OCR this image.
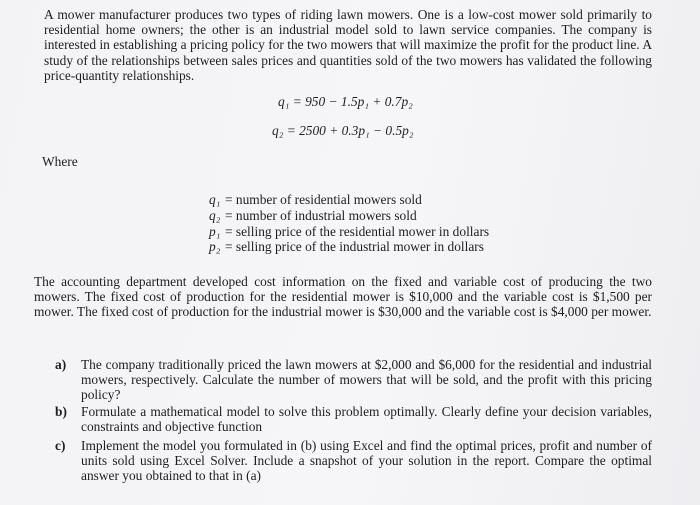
A mower manufacturer produces two types of riding lawn mowers. One is a low-cost mower sold primarily to residential home owners; the other is an industrial model sold to lawn service companies. The company is interested in establishing a pricing policy for the two mowers that will maximize the profit for the product line. A study of the relationships between sales prices and quantities sold of the two mowers has validated the following price-quantity relationships.

q₁ = 950 − 1.5p₁ + 0.7p₂
q₂ = 2500 + 0.3p₁ − 0.5p₂

Where

q₁ = number of residential mowers sold
q₂ = number of industrial mowers sold
p₁ = selling price of the residential mower in dollars
p₂ = selling price of the industrial mower in dollars

The accounting department developed cost information on the fixed and variable cost of producing the two mowers. The fixed cost of production for the residential mower is $10,000 and the variable cost is $1,500 per mower. The fixed cost of production for the industrial mower is $30,000 and the variable cost is $4,000 per mower.

a) The company traditionally priced the lawn mowers at $2,000 and $6,000 for the residential and industrial mowers, respectively. Calculate the number of mowers that will be sold, and the profit with this pricing policy?
b) Formulate a mathematical model to solve this problem optimally. Clearly define your decision variables, constraints and objective function
c) Implement the model you formulated in (b) using Excel and find the optimal prices, profit and number of units sold using Excel Solver. Include a snapshot of your solution in the report. Compare the optimal answer you obtained to that in (a)
